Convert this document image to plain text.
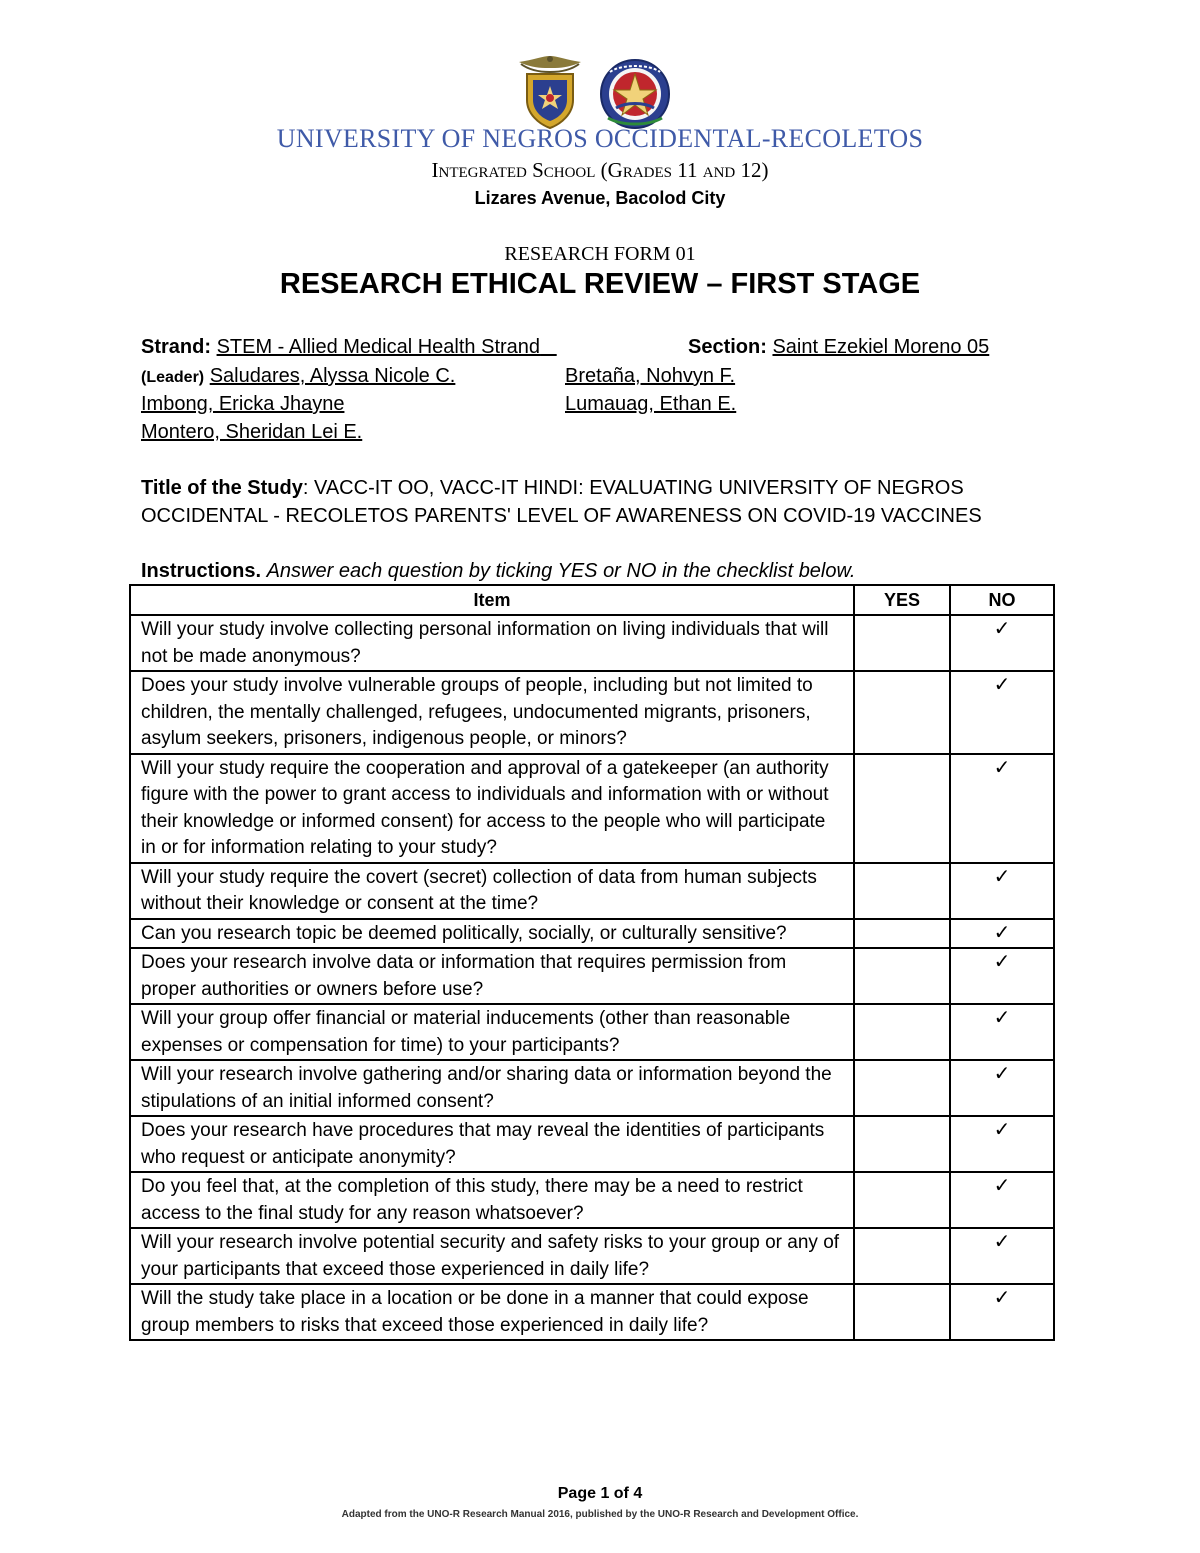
UNIVERSITY OF NEGROS OCCIDENTAL-RECOLETOS
Integrated School (Grades 11 and 12)
Lizares Avenue, Bacolod City
RESEARCH FORM 01
RESEARCH ETHICAL REVIEW – FIRST STAGE
Strand: STEM - Allied Medical Health Strand	Section: Saint Ezekiel Moreno 05
(Leader) Saludares, Alyssa Nicole C.	Bretaña, Nohvyn F.
Imbong, Ericka Jhayne	Lumauag, Ethan E.
Montero, Sheridan Lei E.
Title of the Study: VACC-IT OO, VACC-IT HINDI: EVALUATING UNIVERSITY OF NEGROS OCCIDENTAL - RECOLETOS PARENTS' LEVEL OF AWARENESS ON COVID-19 VACCINES
Instructions. Answer each question by ticking YES or NO in the checklist below.
Item	YES	NO
Will your study involve collecting personal information on living individuals that will not be made anonymous?		✓
Does your study involve vulnerable groups of people, including but not limited to children, the mentally challenged, refugees, undocumented migrants, prisoners, asylum seekers, prisoners, indigenous people, or minors?		✓
Will your study require the cooperation and approval of a gatekeeper (an authority figure with the power to grant access to individuals and information with or without their knowledge or informed consent) for access to the people who will participate in or for information relating to your study?		✓
Will your study require the covert (secret) collection of data from human subjects without their knowledge or consent at the time?		✓
Can you research topic be deemed politically, socially, or culturally sensitive?		✓
Does your research involve data or information that requires permission from proper authorities or owners before use?		✓
Will your group offer financial or material inducements (other than reasonable expenses or compensation for time) to your participants?		✓
Will your research involve gathering and/or sharing data or information beyond the stipulations of an initial informed consent?		✓
Does your research have procedures that may reveal the identities of participants who request or anticipate anonymity?		✓
Do you feel that, at the completion of this study, there may be a need to restrict access to the final study for any reason whatsoever?		✓
Will your research involve potential security and safety risks to your group or any of your participants that exceed those experienced in daily life?		✓
Will the study take place in a location or be done in a manner that could expose group members to risks that exceed those experienced in daily life?		✓
Page 1 of 4
Adapted from the UNO-R Research Manual 2016, published by the UNO-R Research and Development Office.
